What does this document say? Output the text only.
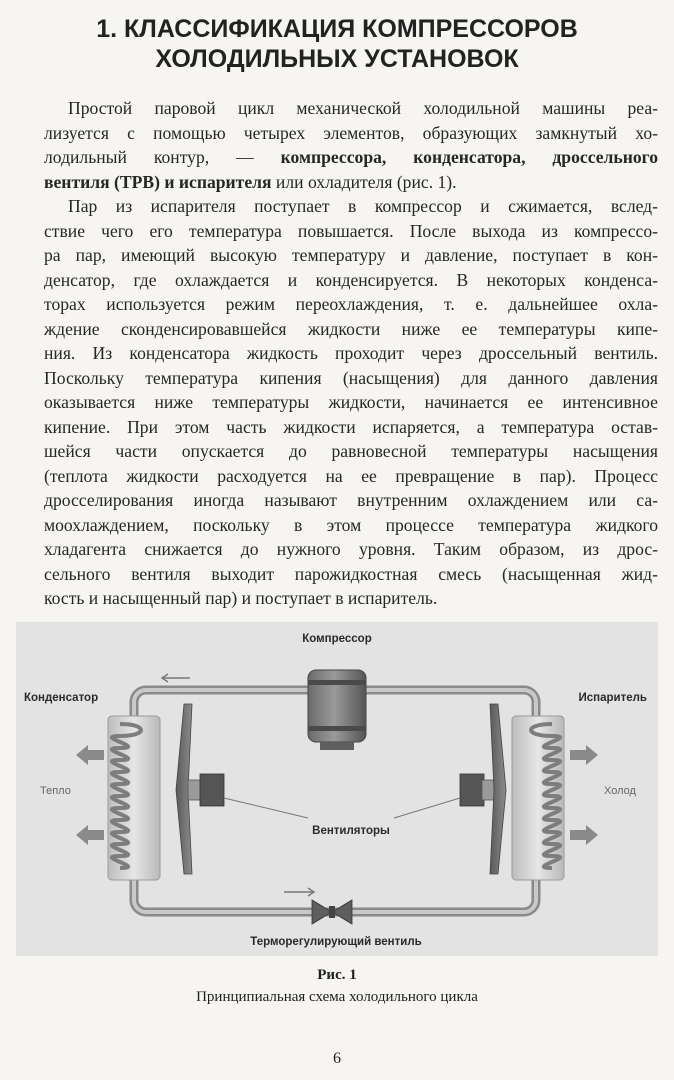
1. КЛАССИФИКАЦИЯ КОМПРЕССОРОВ
ХОЛОДИЛЬНЫХ УСТАНОВОК
Простой паровой цикл механической холодильной машины реа-
лизуется с помощью четырех элементов, образующих замкнутый хо-
лодильный контур, — компрессора, конденсатора, дроссельного
вентиля (ТРВ) и испарителя или охладителя (рис. 1).
Пар из испарителя поступает в компрессор и сжимается, вслед-
ствие чего его температура повышается. После выхода из компрессо-
ра пар, имеющий высокую температуру и давление, поступает в кон-
денсатор, где охлаждается и конденсируется. В некоторых конденса-
торах используется режим переохлаждения, т. е. дальнейшее охла-
ждение сконденсировавшейся жидкости ниже ее температуры кипе-
ния. Из конденсатора жидкость проходит через дроссельный вентиль.
Поскольку температура кипения (насыщения) для данного давления
оказывается ниже температуры жидкости, начинается ее интенсивное
кипение. При этом часть жидкости испаряется, а температура остав-
шейся части опускается до равновесной температуры насыщения
(теплота жидкости расходуется на ее превращение в пар). Процесс
дросселирования иногда называют внутренним охлаждением или са-
моохлаждением, поскольку в этом процессе температура жидкого
хладагента снижается до нужного уровня. Таким образом, из дрос-
сельного вентиля выходит парожидкостная смесь (насыщенная жид-
кость и насыщенный пар) и поступает в испаритель.
Компрессор
Конденсатор	Испаритель
Тепло	Холод
Вентиляторы
Терморегулирующий вентиль
Рис. 1
Принципиальная схема холодильного цикла
6
